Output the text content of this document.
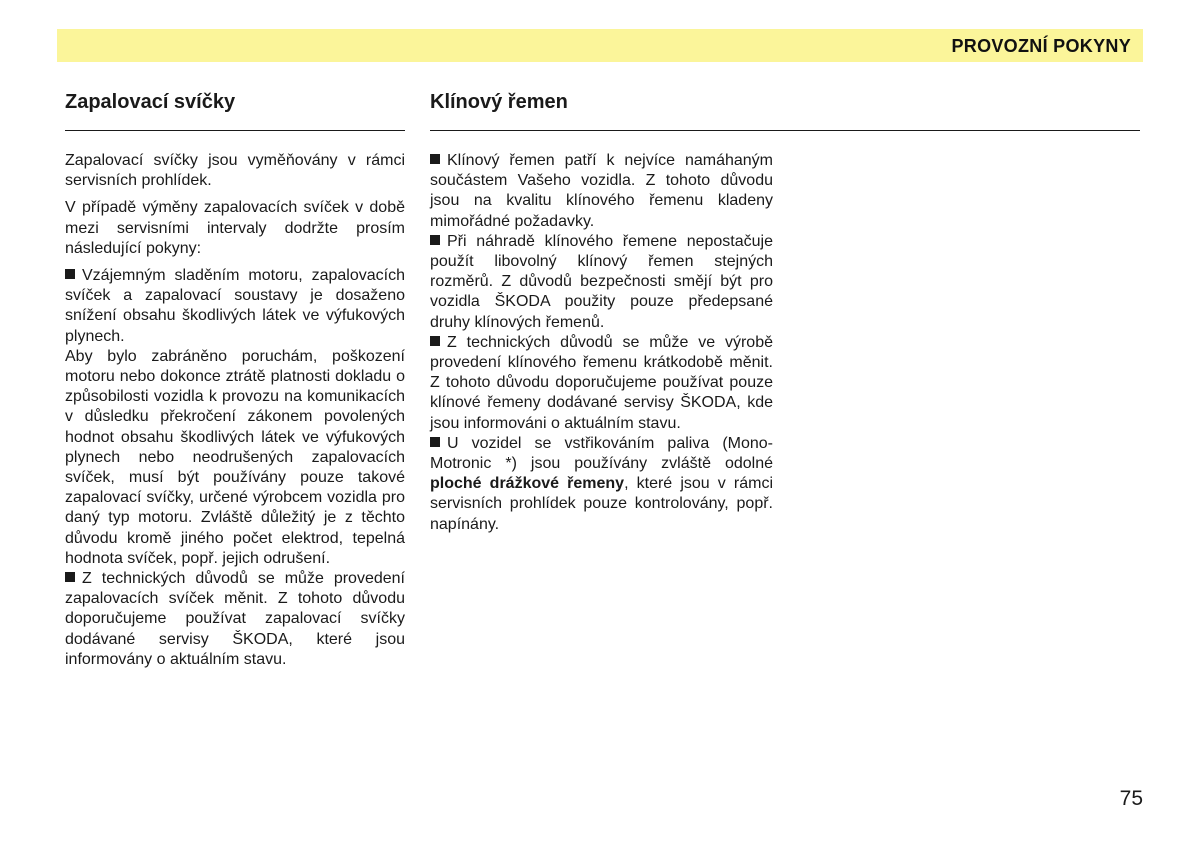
PROVOZNÍ POKYNY
Zapalovací svíčky	Klínový řemen

Zapalovací svíčky jsou vyměňovány v rámci servisních prohlídek.

V případě výměny zapalovacích svíček v době mezi servisními intervaly dodržte prosím následující pokyny:

Vzájemným sladěním motoru, zapalovacích svíček a zapalovací soustavy je dosaženo snížení obsahu škodlivých látek ve výfukových plynech.

Aby bylo zabráněno poruchám, poškození motoru nebo dokonce ztrátě platnosti dokladu o způsobilosti vozidla k provozu na komunikacích v důsledku překročení zákonem povolených hodnot obsahu škodlivých látek ve výfukových plynech nebo neodrušených zapalovacích svíček, musí být používány pouze takové zapalovací svíčky, určené výrobcem vozidla pro daný typ motoru. Zvláště důležitý je z těchto důvodu kromě jiného počet elektrod, tepelná hodnota svíček, popř. jejich odrušení.

Z technických důvodů se může provedení zapalovacích svíček měnit. Z tohoto důvodu doporučujeme používat zapalovací svíčky dodávané servisy ŠKODA, které jsou informovány o aktuálním stavu.

Klínový řemen patří k nejvíce namáhaným součástem Vašeho vozidla. Z tohoto důvodu jsou na kvalitu klínového řemenu kladeny mimořádné požadavky.

Při náhradě klínového řemene nepostačuje použít libovolný klínový řemen stejných rozměrů. Z důvodů bezpečnosti smějí být pro vozidla ŠKODA použity pouze předepsané druhy klínových řemenů.

Z technických důvodů se může ve výrobě provedení klínového řemenu krátkodobě měnit. Z tohoto důvodu doporučujeme používat pouze klínové řemeny dodávané servisy ŠKODA, kde jsou informováni o aktuálním stavu.

U vozidel se vstřikováním paliva (Mono-Motronic *) jsou používány zvláště odolné ploché drážkové řemeny, které jsou v rámci servisních prohlídek pouze kontrolovány, popř. napínány.

75
